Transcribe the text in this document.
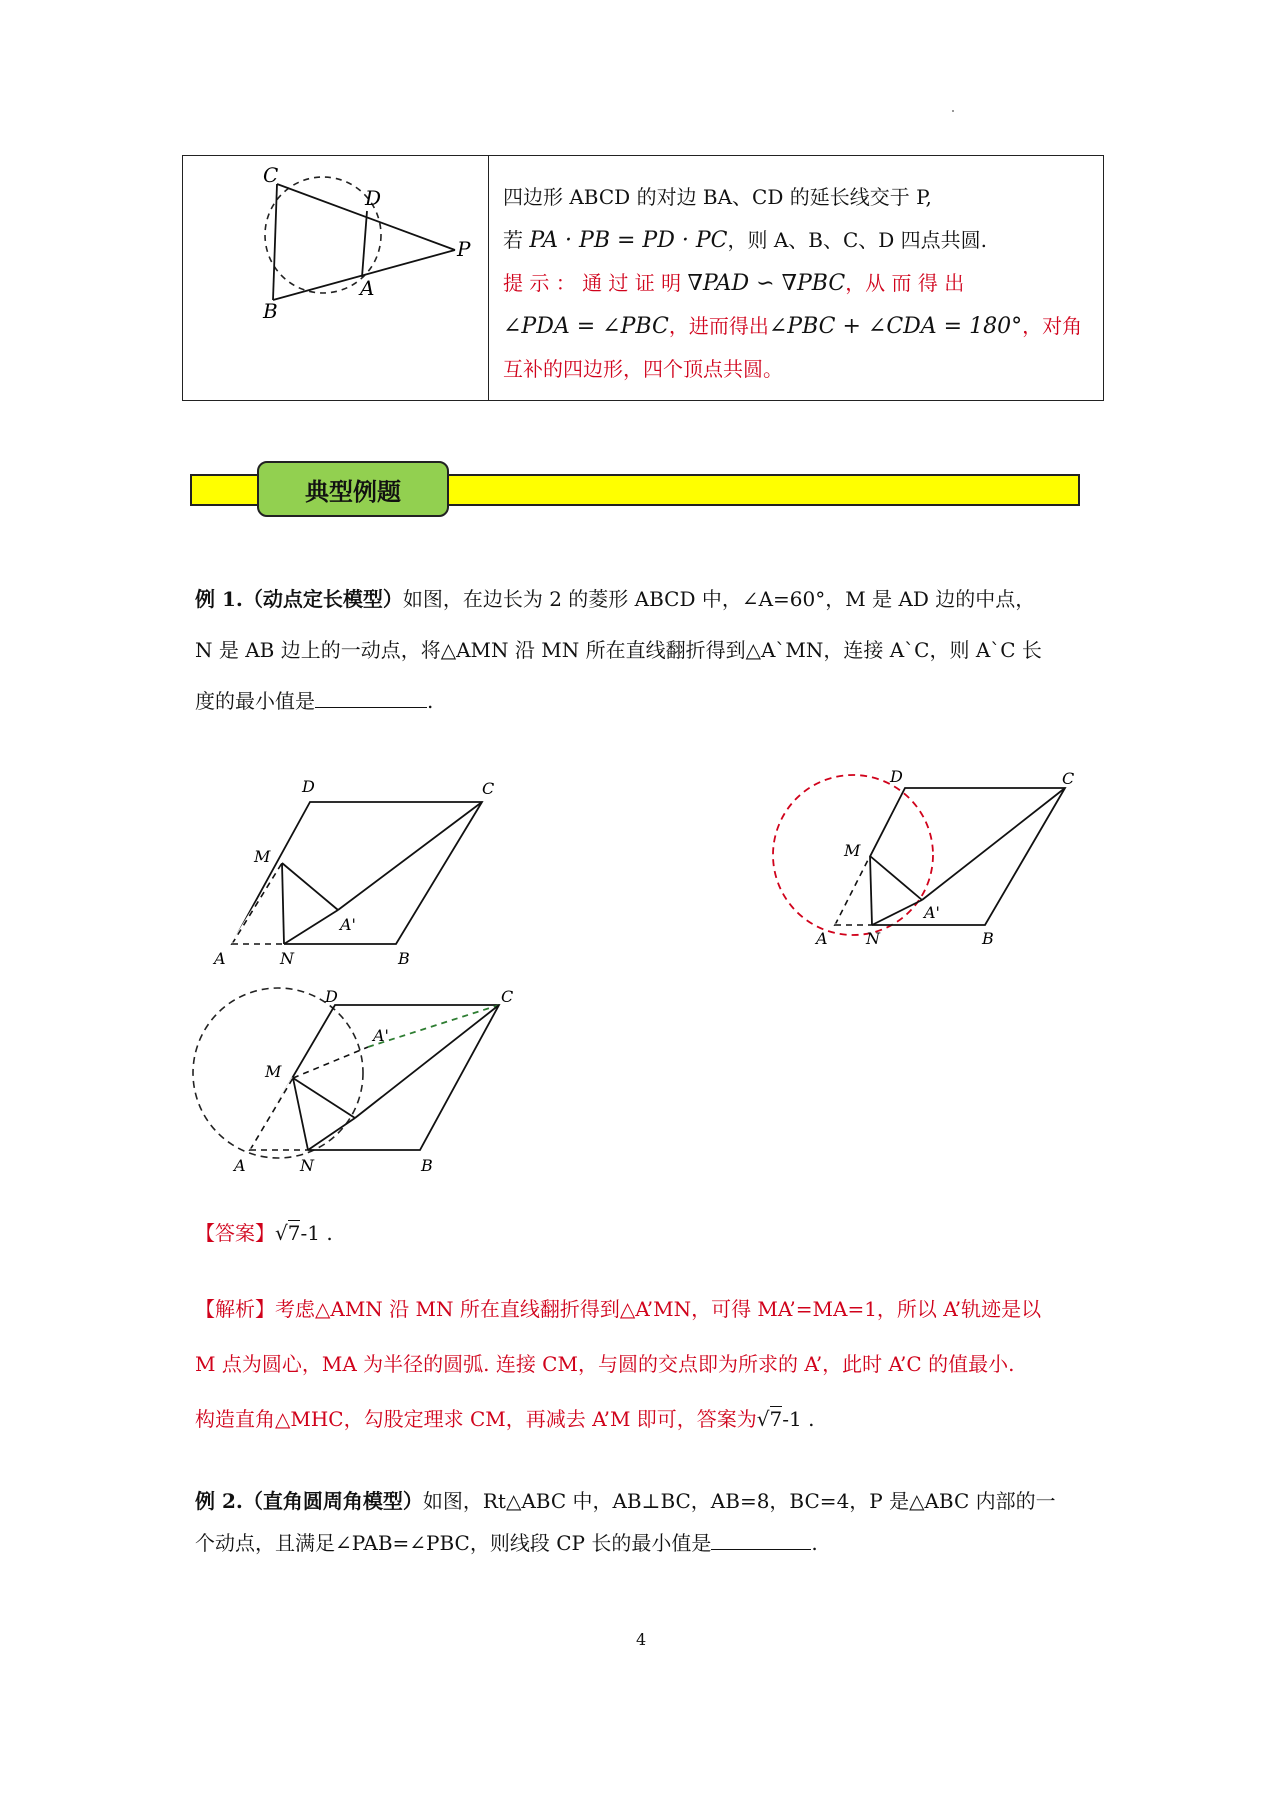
C
D
P
A
B
四边形 ABCD 的对边 BA、CD 的延长线交于 P,
若 PA · PB = PD · PC，则 A、B、C、D 四点共圆.
提 示 ： 通 过 证 明 ∇PAD ∽ ∇PBC，从 而 得 出
∠PDA = ∠PBC，进而得出∠PBC + ∠CDA = 180°，对角
互补的四边形，四个顶点共圆。
典型例题
例 1.（动点定长模型）如图，在边长为 2 的菱形 ABCD 中，∠A=60°，M 是 AD 边的中点，
N 是 AB 边上的一动点，将△AMN 沿 MN 所在直线翻折得到△A`MN，连接 A`C，则 A`C 长
度的最小值是	.
D	C
M
A'
A	N	B
D	C
M
A'
A N	B
D	C
M
A'
A	N	B
【答案】√7-1 .
【解析】考虑△AMN 沿 MN 所在直线翻折得到△A’MN，可得 MA’=MA=1，所以 A’轨迹是以
M 点为圆心，MA 为半径的圆弧. 连接 CM，与圆的交点即为所求的 A’，此时 A’C 的值最小.
构造直角△MHC，勾股定理求 CM，再减去 A’M 即可，答案为√7-1 .
例 2.（直角圆周角模型）如图，Rt△ABC 中，AB⊥BC，AB=8，BC=4，P 是△ABC 内部的一
个动点，且满足∠PAB=∠PBC，则线段 CP 长的最小值是	.
4
